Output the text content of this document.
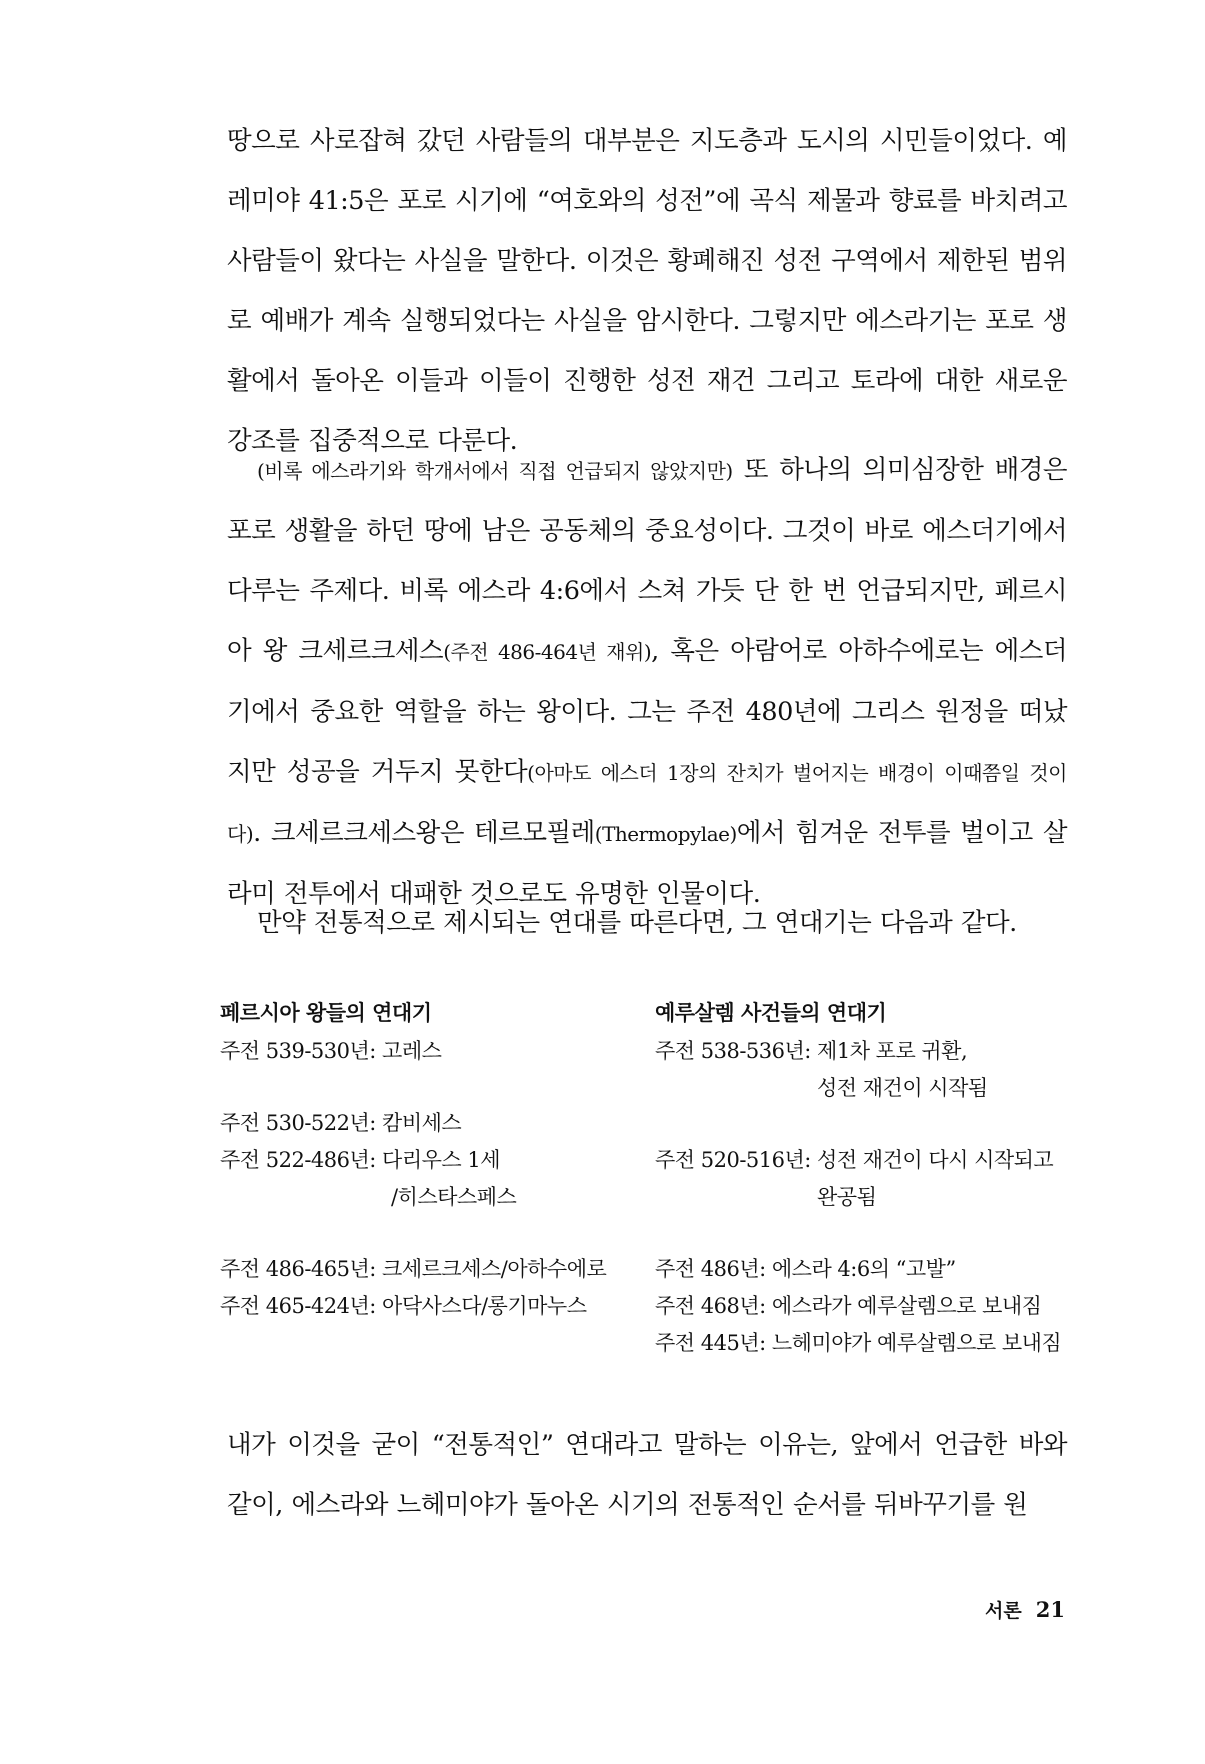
땅으로 사로잡혀 갔던 사람들의 대부분은 지도층과 도시의 시민들이었다. 예레미야 41:5은 포로 시기에 “여호와의 성전”에 곡식 제물과 향료를 바치려고 사람들이 왔다는 사실을 말한다. 이것은 황폐해진 성전 구역에서 제한된 범위로 예배가 계속 실행되었다는 사실을 암시한다. 그렇지만 에스라기는 포로 생활에서 돌아온 이들과 이들이 진행한 성전 재건 그리고 토라에 대한 새로운 강조를 집중적으로 다룬다.

(비록 에스라기와 학개서에서 직접 언급되지 않았지만) 또 하나의 의미심장한 배경은 포로 생활을 하던 땅에 남은 공동체의 중요성이다. 그것이 바로 에스더기에서 다루는 주제다. 비록 에스라 4:6에서 스쳐 가듯 단 한 번 언급되지만, 페르시아 왕 크세르크세스(주전 486-464년 재위), 혹은 아람어로 아하수에로는 에스더기에서 중요한 역할을 하는 왕이다. 그는 주전 480년에 그리스 원정을 떠났지만 성공을 거두지 못한다(아마도 에스더 1장의 잔치가 벌어지는 배경이 이때쯤일 것이다). 크세르크세스왕은 테르모필레(Thermopylae)에서 힘겨운 전투를 벌이고 살라미 전투에서 대패한 것으로도 유명한 인물이다.

만약 전통적으로 제시되는 연대를 따른다면, 그 연대기는 다음과 같다.

페르시아 왕들의 연대기
주전 539-530년: 고레스
주전 530-522년: 캄비세스
주전 522-486년: 다리우스 1세
/히스타스페스
주전 486-465년: 크세르크세스/아하수에로
주전 465-424년: 아닥사스다/롱기마누스
예루살렘 사건들의 연대기
주전 538-536년: 제1차 포로 귀환,
성전 재건이 시작됨
주전 520-516년: 성전 재건이 다시 시작되고
완공됨
주전 486년: 에스라 4:6의 “고발”
주전 468년: 에스라가 예루살렘으로 보내짐
주전 445년: 느헤미야가 예루살렘으로 보내짐

내가 이것을 굳이 “전통적인” 연대라고 말하는 이유는, 앞에서 언급한 바와 같이, 에스라와 느헤미야가 돌아온 시기의 전통적인 순서를 뒤바꾸기를 원

서론 21
